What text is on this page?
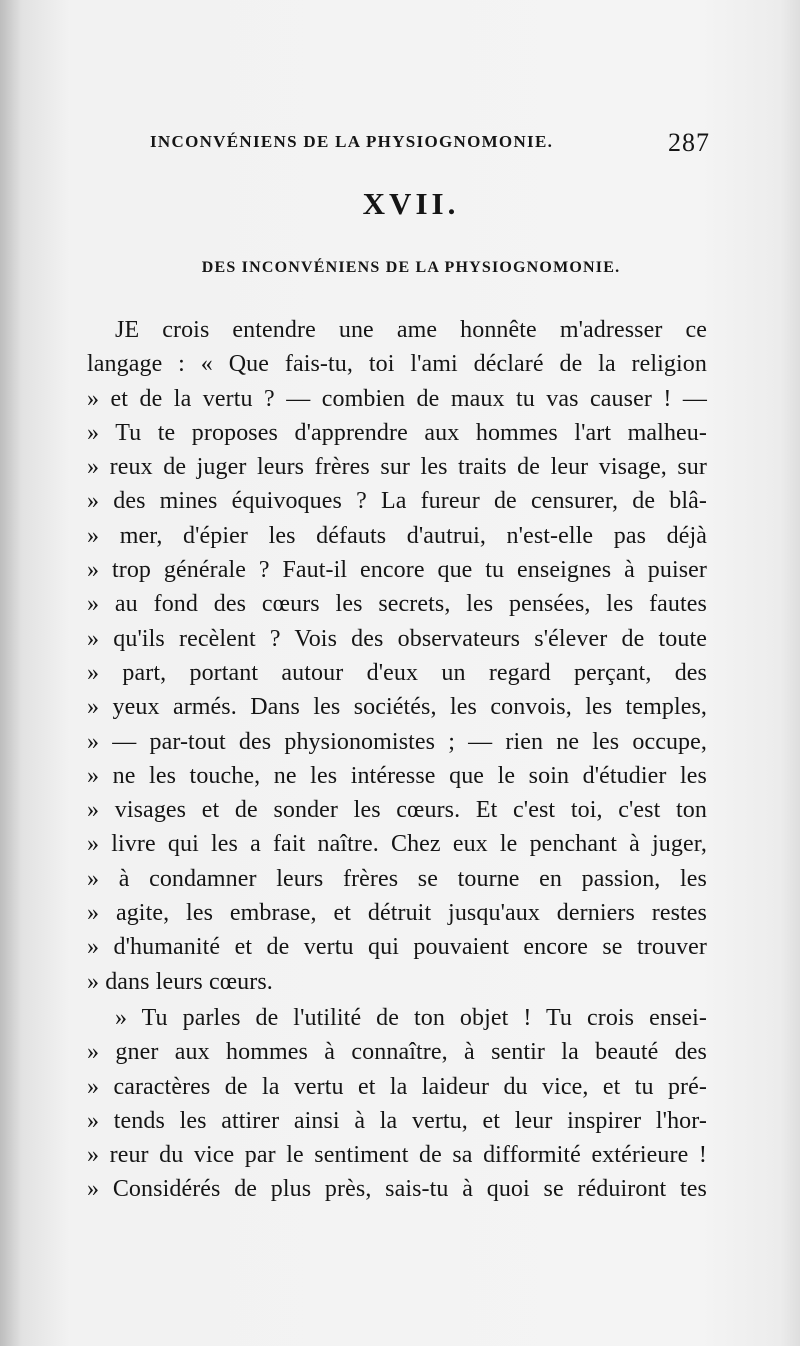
INCONVÉNIENS DE LA PHYSIOGNOMONIE.	287
XVII.
DES INCONVÉNIENS DE LA PHYSIOGNOMONIE.
JE crois entendre une ame honnête m'adresser ce
langage : « Que fais-tu, toi l'ami déclaré de la religion
» et de la vertu ? — combien de maux tu vas causer ! —
» Tu te proposes d'apprendre aux hommes l'art malheu-
» reux de juger leurs frères sur les traits de leur visage, sur
» des mines équivoques ? La fureur de censurer, de blâ-
» mer, d'épier les défauts d'autrui, n'est-elle pas déjà
» trop générale ? Faut-il encore que tu enseignes à puiser
» au fond des cœurs les secrets, les pensées, les fautes
» qu'ils recèlent ? Vois des observateurs s'élever de toute
» part, portant autour d'eux un regard perçant, des
» yeux armés. Dans les sociétés, les convois, les temples,
» — par-tout des physionomistes ; — rien ne les occupe,
» ne les touche, ne les intéresse que le soin d'étudier les
» visages et de sonder les cœurs. Et c'est toi, c'est ton
» livre qui les a fait naître. Chez eux le penchant à juger,
» à condamner leurs frères se tourne en passion, les
» agite, les embrase, et détruit jusqu'aux derniers restes
» d'humanité et de vertu qui pouvaient encore se trouver
» dans leurs cœurs.
» Tu parles de l'utilité de ton objet ! Tu crois ensei-
» gner aux hommes à connaître, à sentir la beauté des
» caractères de la vertu et la laideur du vice, et tu pré-
» tends les attirer ainsi à la vertu, et leur inspirer l'hor-
» reur du vice par le sentiment de sa difformité extérieure !
» Considérés de plus près, sais-tu à quoi se réduiront tes
